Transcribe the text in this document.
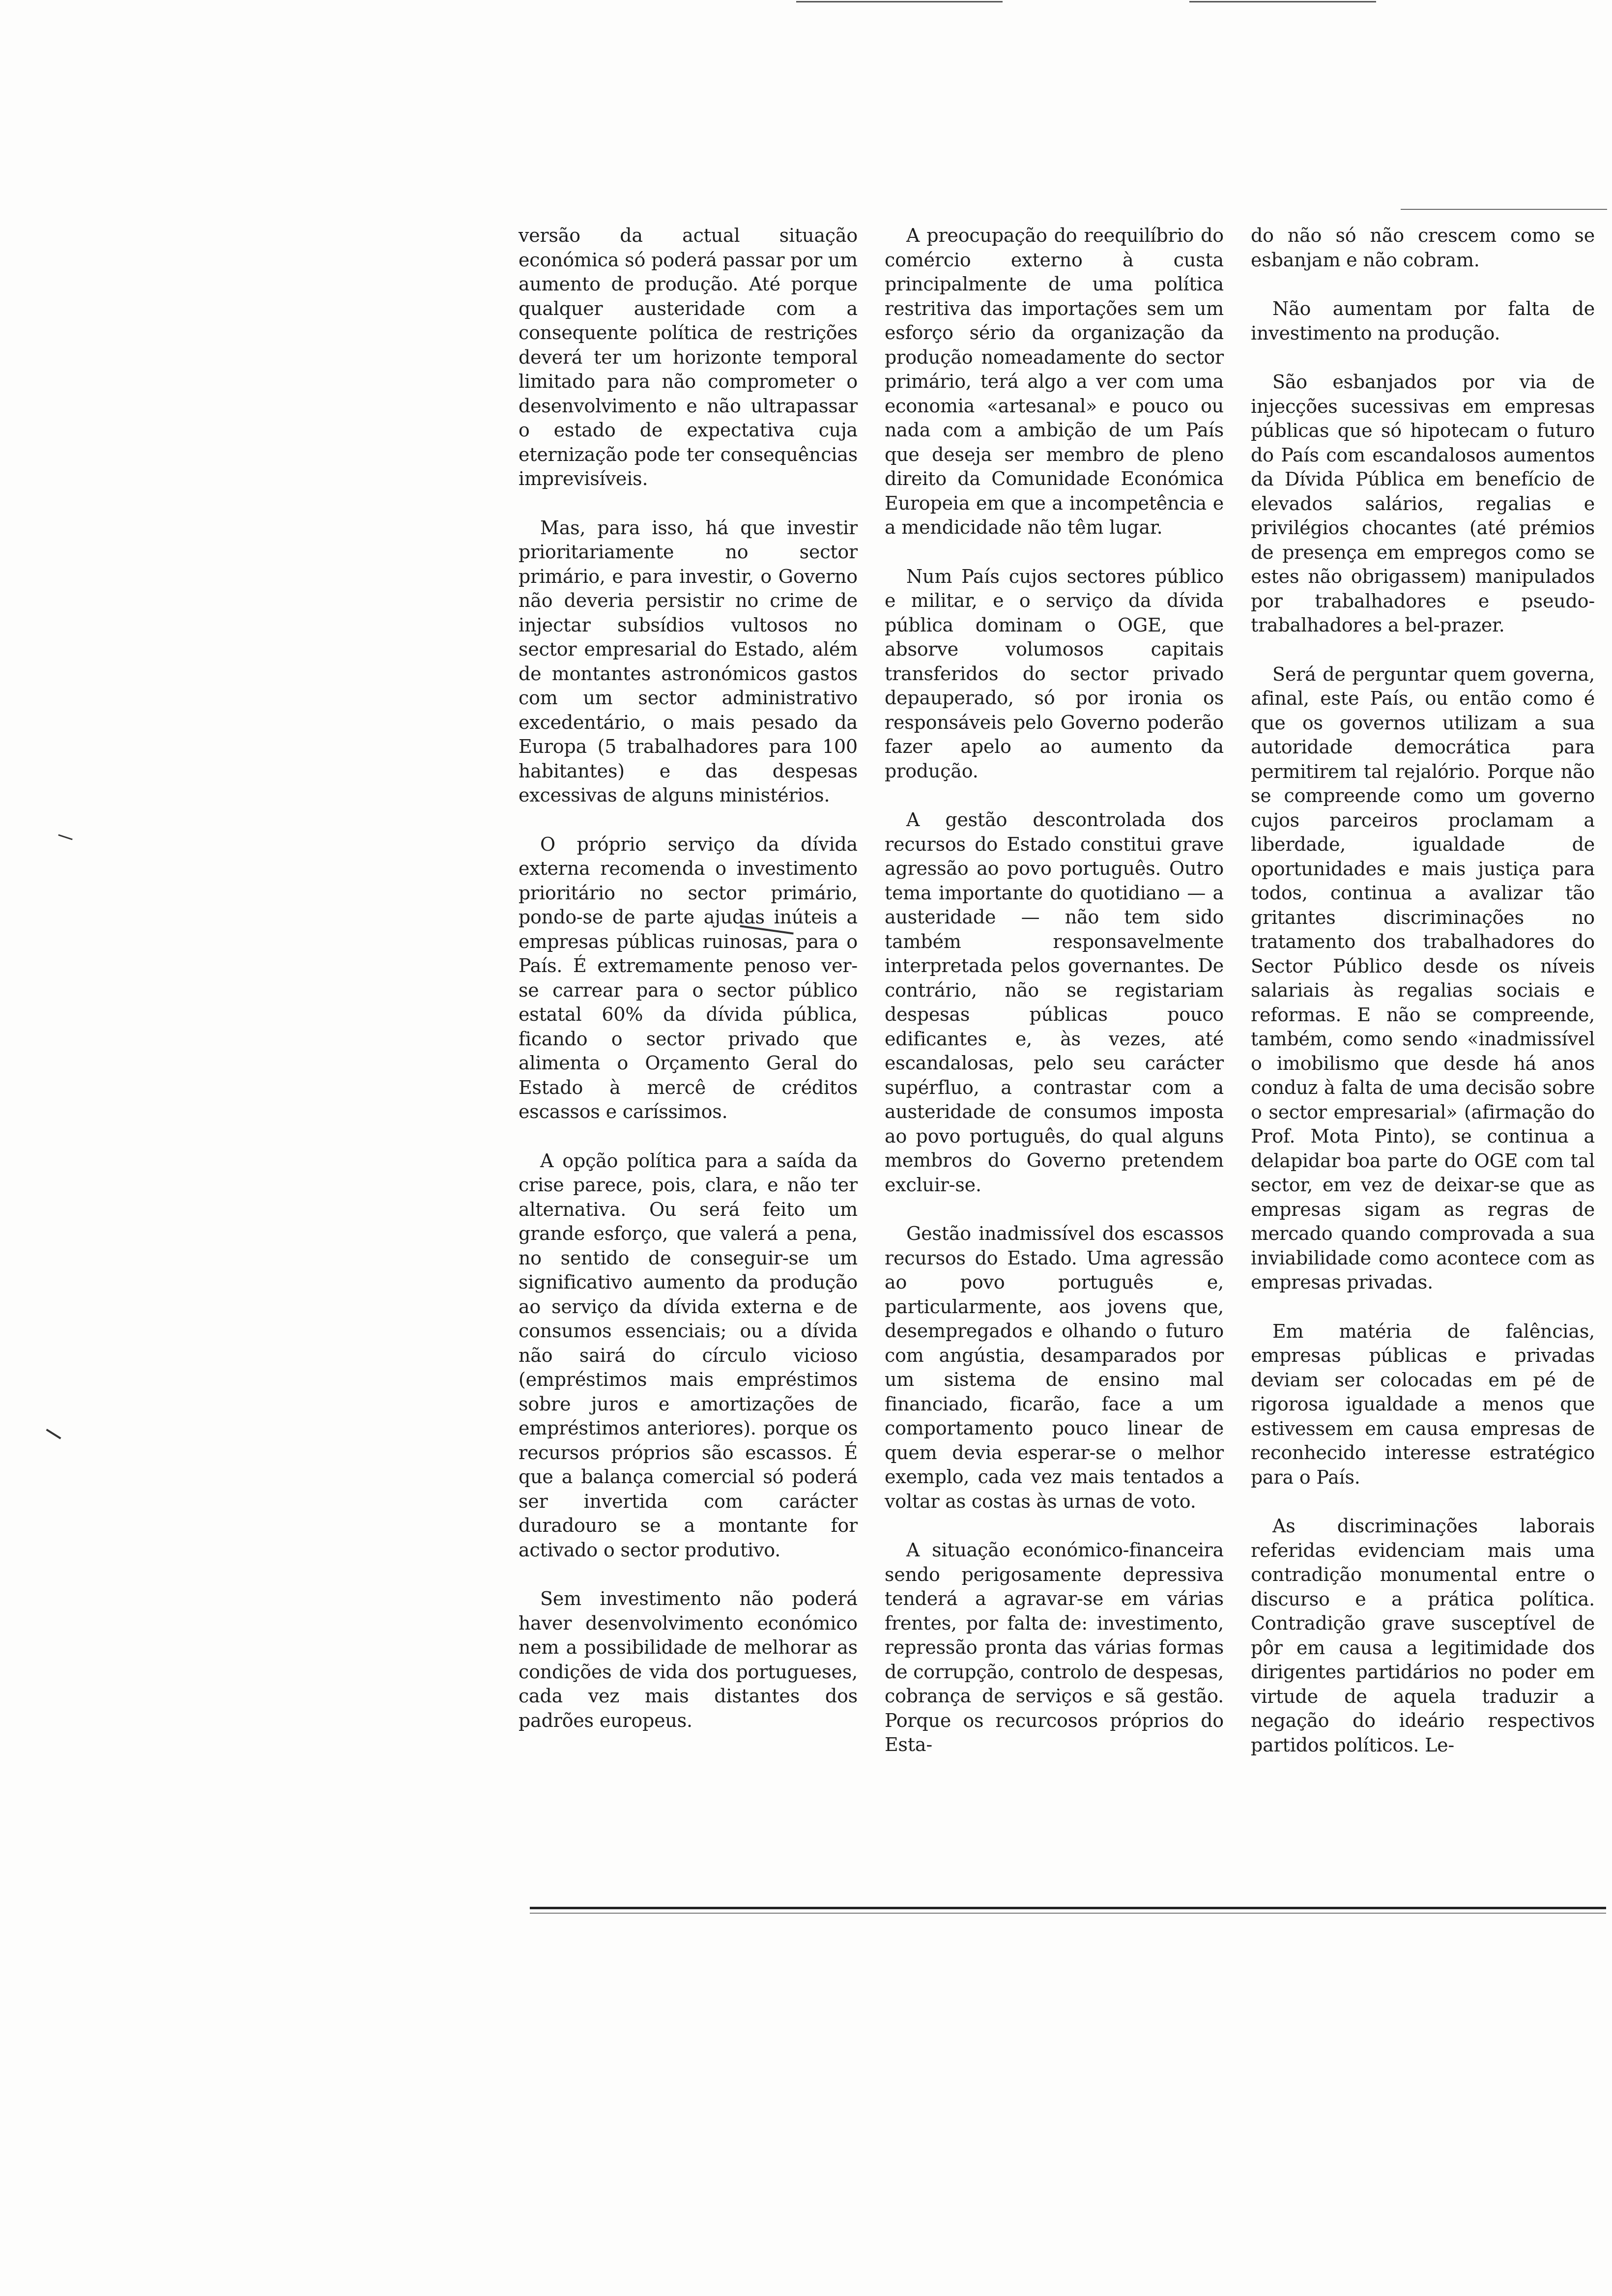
versão da actual situação económica só poderá passar por um aumento de produção. Até porque qualquer austeridade com a consequente política de restrições deverá ter um horizonte temporal limitado para não comprometer o desenvolvimento e não ultrapassar o estado de expectativa cuja eternização pode ter consequências imprevisíveis.

Mas, para isso, há que investir prioritariamente no sector primário, e para investir, o Governo não deveria persistir no crime de injectar subsídios vultosos no sector empresarial do Estado, além de montantes astronómicos gastos com um sector administrativo excedentário, o mais pesado da Europa (5 trabalhadores para 100 habitantes) e das despesas excessivas de alguns ministérios.

O próprio serviço da dívida externa recomenda o investimento prioritário no sector primário, pondo-se de parte ajudas inúteis a empresas públicas ruinosas, para o País. É extremamente penoso ver-se carrear para o sector público estatal 60% da dívida pública, ficando o sector privado que alimenta o Orçamento Geral do Estado à mercê de créditos escassos e caríssimos.

A opção política para a saída da crise parece, pois, clara, e não ter alternativa. Ou será feito um grande esforço, que valerá a pena, no sentido de conseguir-se um significativo aumento da produção ao serviço da dívida externa e de consumos essenciais; ou a dívida não sairá do círculo vicioso (empréstimos mais empréstimos sobre juros e amortizações de empréstimos anteriores). porque os recursos próprios são escassos. É que a balança comercial só poderá ser invertida com carácter duradouro se a montante for activado o sector produtivo.

Sem investimento não poderá haver desenvolvimento económico nem a possibilidade de melhorar as condições de vida dos portugueses, cada vez mais distantes dos padrões europeus.

A preocupação do reequilíbrio do comércio externo à custa principalmente de uma política restritiva das importações sem um esforço sério da organização da produção nomeadamente do sector primário, terá algo a ver com uma economia «artesanal» e pouco ou nada com a ambição de um País que deseja ser membro de pleno direito da Comunidade Económica Europeia em que a incompetência e a mendicidade não têm lugar.

Num País cujos sectores público e militar, e o serviço da dívida pública dominam o OGE, que absorve volumosos capitais transferidos do sector privado depauperado, só por ironia os responsáveis pelo Governo poderão fazer apelo ao aumento da produção.

A gestão descontrolada dos recursos do Estado constitui grave agressão ao povo português. Outro tema importante do quotidiano — a austeridade — não tem sido também responsavelmente interpretada pelos governantes. De contrário, não se registariam despesas públicas pouco edificantes e, às vezes, até escandalosas, pelo seu carácter supérfluo, a contrastar com a austeridade de consumos imposta ao povo português, do qual alguns membros do Governo pretendem excluir-se.

Gestão inadmissível dos escassos recursos do Estado. Uma agressão ao povo português e, particularmente, aos jovens que, desempregados e olhando o futuro com angústia, desamparados por um sistema de ensino mal financiado, ficarão, face a um comportamento pouco linear de quem devia esperar-se o melhor exemplo, cada vez mais tentados a voltar as costas às urnas de voto.

A situação económico-financeira sendo perigosamente depressiva tenderá a agravar-se em várias frentes, por falta de: investimento, repressão pronta das várias formas de corrupção, controlo de despesas, cobrança de serviços e sã gestão. Porque os recurcosos próprios do Esta-

do não só não crescem como se esbanjam e não cobram.

Não aumentam por falta de investimento na produção.

São esbanjados por via de injecções sucessivas em empresas públicas que só hipotecam o futuro do País com escandalosos aumentos da Dívida Pública em benefício de elevados salários, regalias e privilégios chocantes (até prémios de presença em empregos como se estes não obrigassem) manipulados por trabalhadores e pseudo-trabalhadores a bel-prazer.

Será de perguntar quem governa, afinal, este País, ou então como é que os governos utilizam a sua autoridade democrática para permitirem tal rejalório. Porque não se compreende como um governo cujos parceiros proclamam a liberdade, igualdade de oportunidades e mais justiça para todos, continua a avalizar tão gritantes discriminações no tratamento dos trabalhadores do Sector Público desde os níveis salariais às regalias sociais e reformas. E não se compreende, também, como sendo «inadmissível o imobilismo que desde há anos conduz à falta de uma decisão sobre o sector empresarial» (afirmação do Prof. Mota Pinto), se continua a delapidar boa parte do OGE com tal sector, em vez de deixar-se que as empresas sigam as regras de mercado quando comprovada a sua inviabilidade como acontece com as empresas privadas.

Em matéria de falências, empresas públicas e privadas deviam ser colocadas em pé de rigorosa igualdade a menos que estivessem em causa empresas de reconhecido interesse estratégico para o País.

As discriminações laborais referidas evidenciam mais uma contradição monumental entre o discurso e a prática política. Contradição grave susceptível de pôr em causa a legitimidade dos dirigentes partidários no poder em virtude de aquela traduzir a negação do ideário respectivos partidos políticos. Le-
